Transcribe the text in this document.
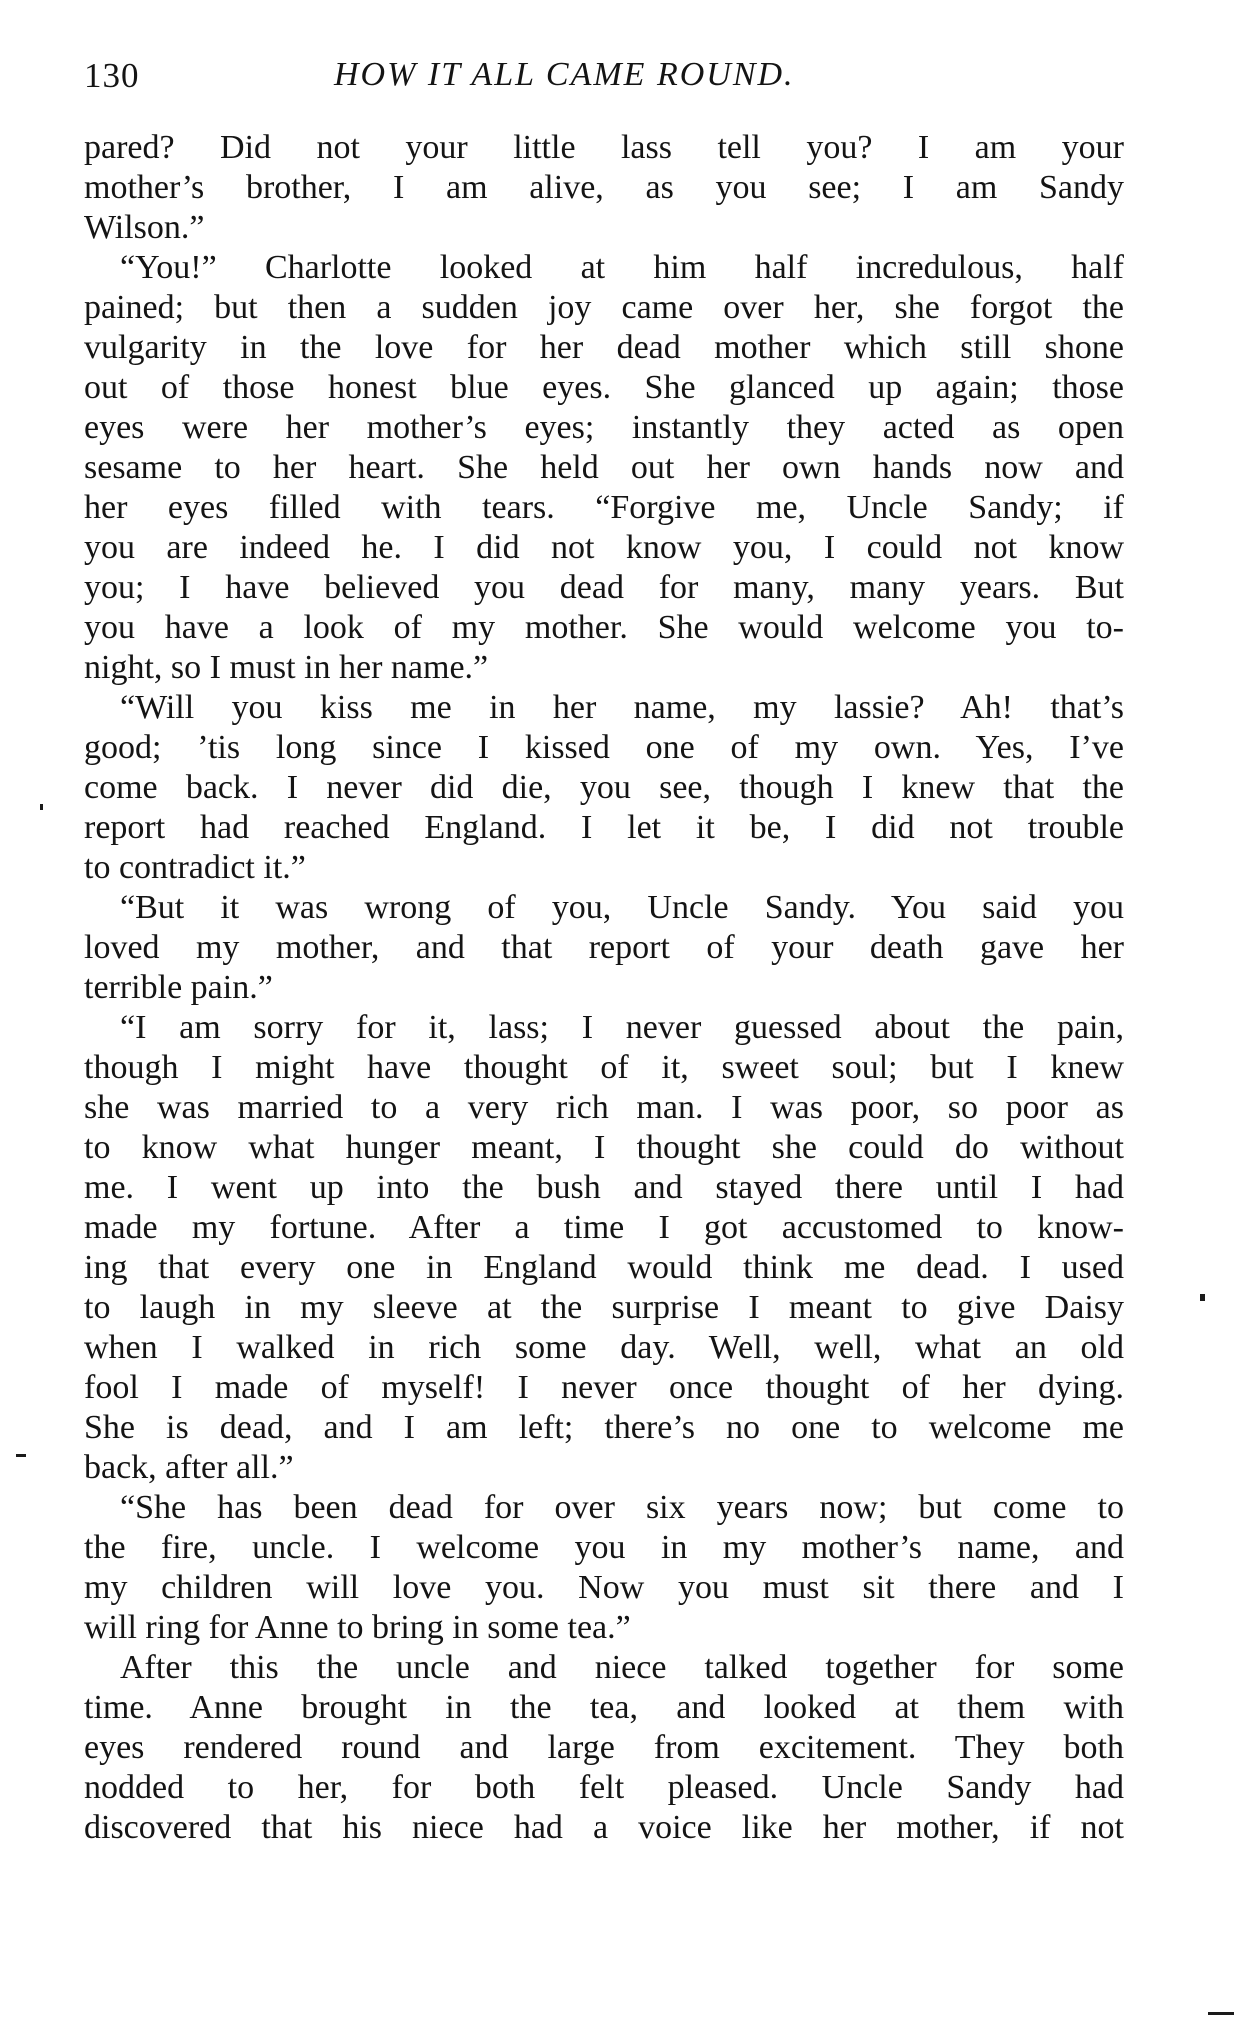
130	HOW IT ALL CAME ROUND.
pared? Did not your little lass tell you? I am your
mother’s brother, I am alive, as you see; I am Sandy
Wilson.”
“You!” Charlotte looked at him half incredulous, half
pained; but then a sudden joy came over her, she forgot the
vulgarity in the love for her dead mother which still shone
out of those honest blue eyes. She glanced up again; those
eyes were her mother’s eyes; instantly they acted as open
sesame to her heart. She held out her own hands now and
her eyes filled with tears. “Forgive me, Uncle Sandy; if
you are indeed he. I did not know you, I could not know
you; I have believed you dead for many, many years. But
you have a look of my mother. She would welcome you to-
night, so I must in her name.”
“Will you kiss me in her name, my lassie? Ah! that’s
good; ’tis long since I kissed one of my own. Yes, I’ve
come back. I never did die, you see, though I knew that the
report had reached England. I let it be, I did not trouble
to contradict it.”
“But it was wrong of you, Uncle Sandy. You said you
loved my mother, and that report of your death gave her
terrible pain.”
“I am sorry for it, lass; I never guessed about the pain,
though I might have thought of it, sweet soul; but I knew
she was married to a very rich man. I was poor, so poor as
to know what hunger meant, I thought she could do without
me. I went up into the bush and stayed there until I had
made my fortune. After a time I got accustomed to know-
ing that every one in England would think me dead. I used
to laugh in my sleeve at the surprise I meant to give Daisy
when I walked in rich some day. Well, well, what an old
fool I made of myself! I never once thought of her dying.
She is dead, and I am left; there’s no one to welcome me
back, after all.”
“She has been dead for over six years now; but come to
the fire, uncle. I welcome you in my mother’s name, and
my children will love you. Now you must sit there and I
will ring for Anne to bring in some tea.”
After this the uncle and niece talked together for some
time. Anne brought in the tea, and looked at them with
eyes rendered round and large from excitement. They both
nodded to her, for both felt pleased. Uncle Sandy had
discovered that his niece had a voice like her mother, if not
